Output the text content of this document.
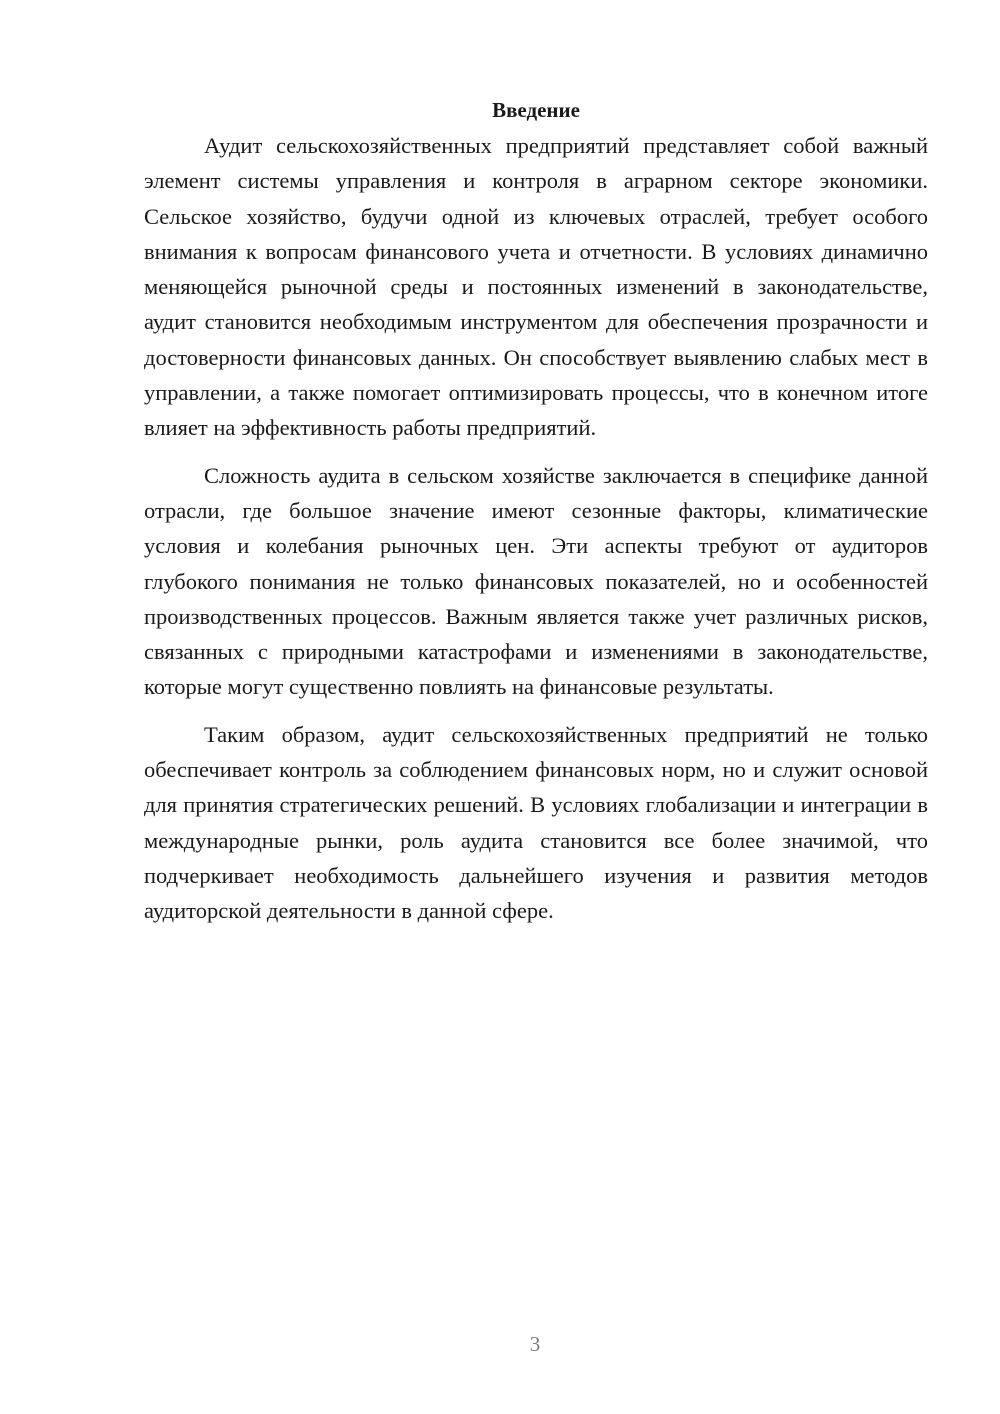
Введение

Аудит сельскохозяйственных предприятий представляет собой важный элемент системы управления и контроля в аграрном секторе экономики. Сельское хозяйство, будучи одной из ключевых отраслей, требует особого внимания к вопросам финансового учета и отчетности. В условиях динамично меняющейся рыночной среды и постоянных изменений в законодательстве, аудит становится необходимым инструментом для обеспечения прозрачности и достоверности финансовых данных. Он способствует выявлению слабых мест в управлении, а также помогает оптимизировать процессы, что в конечном итоге влияет на эффективность работы предприятий.

Сложность аудита в сельском хозяйстве заключается в специфике данной отрасли, где большое значение имеют сезонные факторы, климатические условия и колебания рыночных цен. Эти аспекты требуют от аудиторов глубокого понимания не только финансовых показателей, но и особенностей производственных процессов. Важным является также учет различных рисков, связанных с природными катастрофами и изменениями в законодательстве, которые могут существенно повлиять на финансовые результаты.

Таким образом, аудит сельскохозяйственных предприятий не только обеспечивает контроль за соблюдением финансовых норм, но и служит основой для принятия стратегических решений. В условиях глобализации и интеграции в международные рынки, роль аудита становится все более значимой, что подчеркивает необходимость дальнейшего изучения и развития методов аудиторской деятельности в данной сфере.

3
